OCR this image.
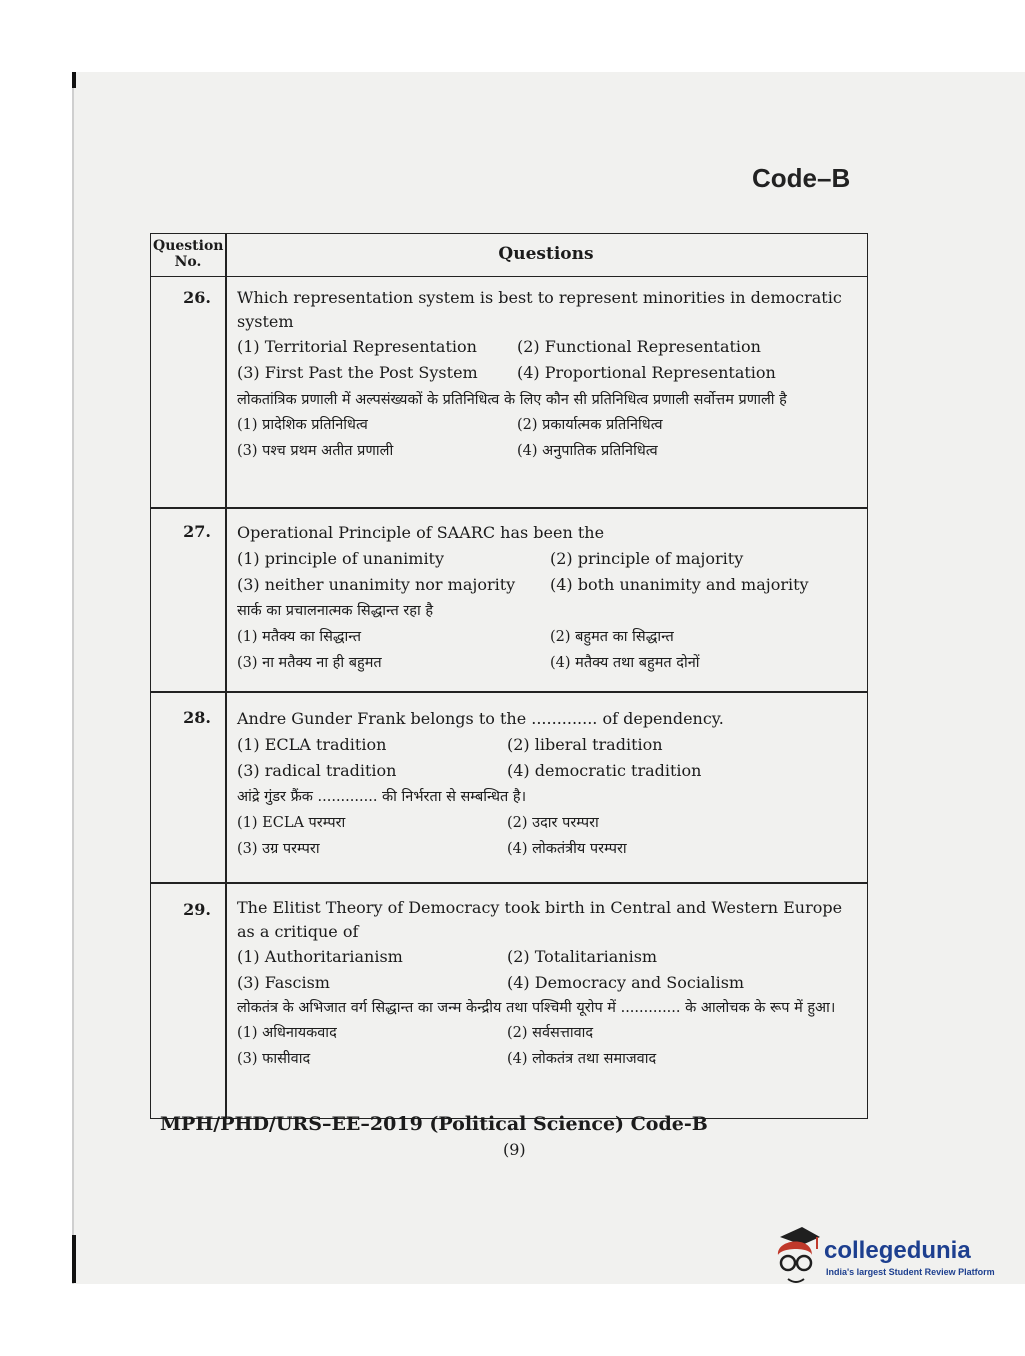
Code–B
Question No.	Questions
26.	Which representation system is best to represent minorities in democratic system
(1) Territorial Representation	(2) Functional Representation
(3) First Past the Post System (4) Proportional Representation
लोकतांत्रिक प्रणाली में अल्पसंख्यकों के प्रतिनिधित्व के लिए कौन सी प्रतिनिधित्व प्रणाली सर्वोत्तम प्रणाली है
(1) प्रादेशिक प्रतिनिधित्व	(2) प्रकार्यात्मक प्रतिनिधित्व
(3) पश्च प्रथम अतीत प्रणाली	(4) अनुपातिक प्रतिनिधित्व
27.	Operational Principle of SAARC has been the
(1) principle of unanimity	(2) principle of majority
(3) neither unanimity nor majority (4) both unanimity and majority
सार्क का प्रचालनात्मक सिद्धान्त रहा है
(1) मतैक्य का सिद्धान्त	(2) बहुमत का सिद्धान्त
(3) ना मतैक्य ना ही बहुमत	(4) मतैक्य तथा बहुमत दोनों
28.	Andre Gunder Frank belongs to the ............. of dependency.
(1) ECLA tradition	(2) liberal tradition
(3) radical tradition	(4) democratic tradition
आंद्रे गुंडर फ्रैंक ............. की निर्भरता से सम्बन्धित है।
(1) ECLA परम्परा	(2) उदार परम्परा
(3) उग्र परम्परा	(4) लोकतंत्रीय परम्परा
29.	The Elitist Theory of Democracy took birth in Central and Western Europe as a critique of
(1) Authoritarianism	(2) Totalitarianism
(3) Fascism	(4) Democracy and Socialism
लोकतंत्र के अभिजात वर्ग सिद्धान्त का जन्म केन्द्रीय तथा पश्चिमी यूरोप में ............. के आलोचक के रूप में हुआ।
(1) अधिनायकवाद	(2) सर्वसत्तावाद
(3) फासीवाद	(4) लोकतंत्र तथा समाजवाद
MPH/PHD/URS–EE–2019 (Political Science) Code-B
(9)
collegedunia
India's largest Student Review Platform
